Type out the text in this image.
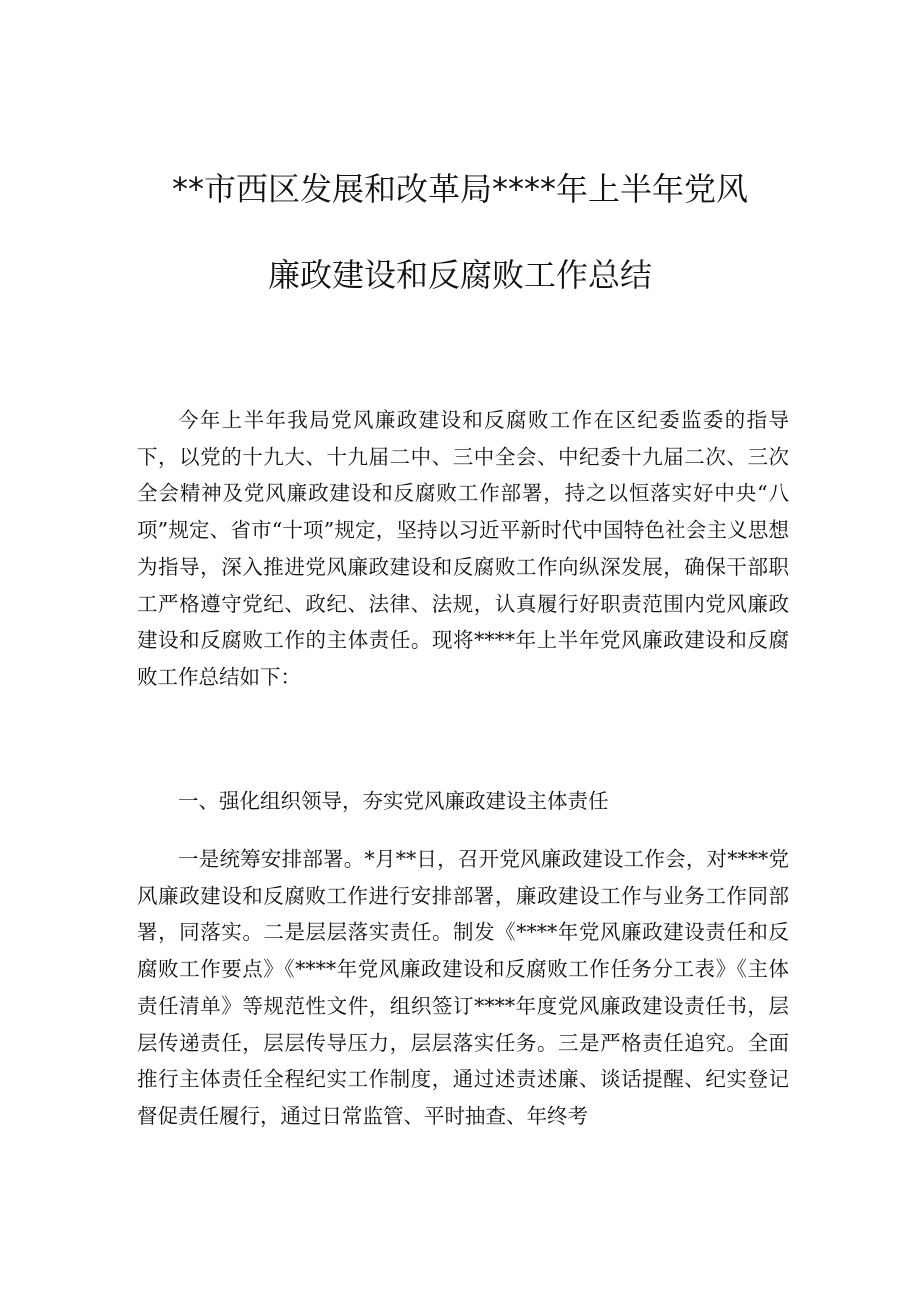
**市西区发展和改革局****年上半年党风
廉政建设和反腐败工作总结

今年上半年我局党风廉政建设和反腐败工作在区纪委监委的指导下，以党的十九大、十九届二中、三中全会、中纪委十九届二次、三次全会精神及党风廉政建设和反腐败工作部署，持之以恒落实好中央“八项”规定、省市“十项”规定，坚持以习近平新时代中国特色社会主义思想为指导，深入推进党风廉政建设和反腐败工作向纵深发展，确保干部职工严格遵守党纪、政纪、法律、法规，认真履行好职责范围内党风廉政建设和反腐败工作的主体责任。现将****年上半年党风廉政建设和反腐败工作总结如下：

一、强化组织领导，夯实党风廉政建设主体责任

一是统筹安排部署。*月**日，召开党风廉政建设工作会，对****党风廉政建设和反腐败工作进行安排部署，廉政建设工作与业务工作同部署，同落实。二是层层落实责任。制发《****年党风廉政建设责任和反腐败工作要点》《****年党风廉政建设和反腐败工作任务分工表》《主体责任清单》等规范性文件，组织签订****年度党风廉政建设责任书，层层传递责任，层层传导压力，层层落实任务。三是严格责任追究。全面推行主体责任全程纪实工作制度，通过述责述廉、谈话提醒、纪实登记督促责任履行，通过日常监管、平时抽查、年终考
